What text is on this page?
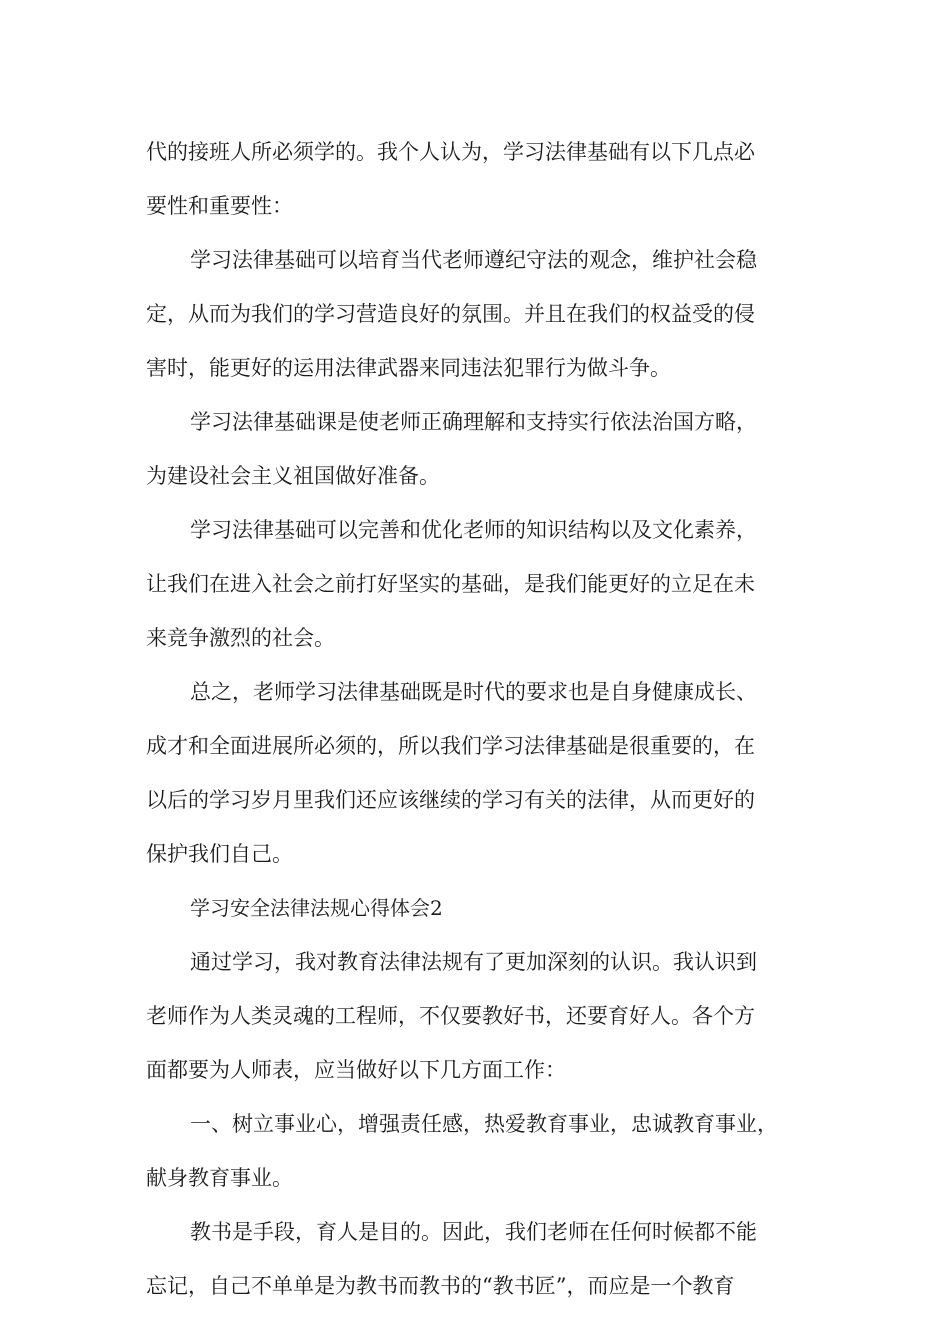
代的接班人所必须学的。我个人认为，学习法律基础有以下几点必

要性和重要性：

学习法律基础可以培育当代老师遵纪守法的观念，维护社会稳

定，从而为我们的学习营造良好的氛围。并且在我们的权益受的侵

害时，能更好的运用法律武器来同违法犯罪行为做斗争。

学习法律基础课是使老师正确理解和支持实行依法治国方略，

为建设社会主义祖国做好准备。

学习法律基础可以完善和优化老师的知识结构以及文化素养，

让我们在进入社会之前打好坚实的基础，是我们能更好的立足在未

来竞争激烈的社会。

总之，老师学习法律基础既是时代的要求也是自身健康成长、

成才和全面进展所必须的，所以我们学习法律基础是很重要的，在

以后的学习岁月里我们还应该继续的学习有关的法律，从而更好的

保护我们自己。

学习安全法律法规心得体会2

通过学习，我对教育法律法规有了更加深刻的认识。我认识到

老师作为人类灵魂的工程师，不仅要教好书，还要育好人。各个方

面都要为人师表，应当做好以下几方面工作：

一、树立事业心，增强责任感，热爱教育事业，忠诚教育事业，

献身教育事业。

教书是手段，育人是目的。因此，我们老师在任何时候都不能

忘记，自己不单单是为教书而教书的“教书匠”，而应是一个教育
